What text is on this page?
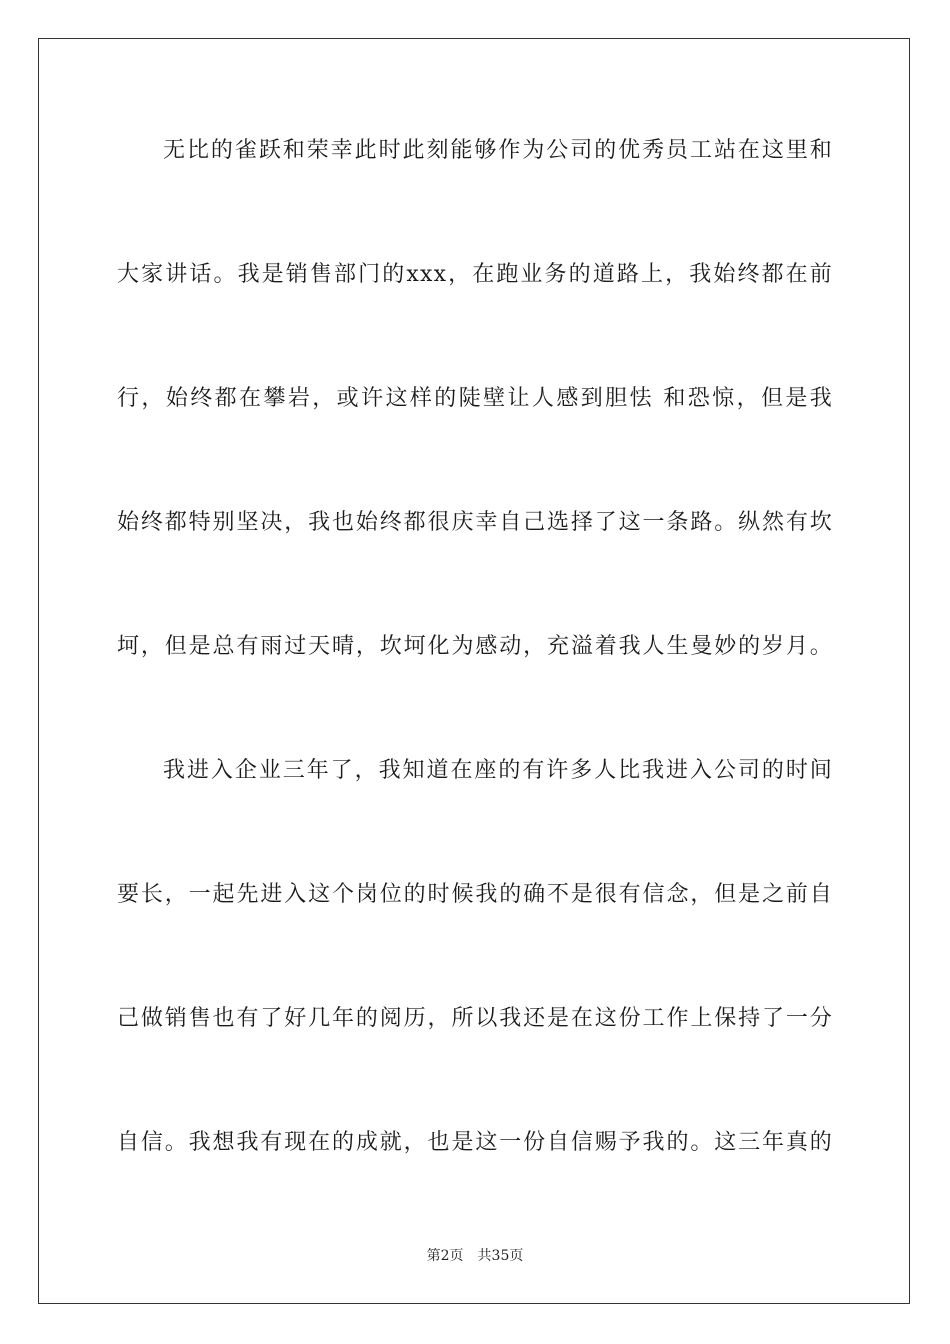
无比的雀跃和荣幸此时此刻能够作为公司的优秀员工站在这里和
大家讲话。我是销售部门的xxx，在跑业务的道路上，我始终都在前
行，始终都在攀岩，或许这样的陡壁让人感到胆怯 和恐惊，但是我
始终都特别坚决，我也始终都很庆幸自己选择了这一条路。纵然有坎
坷，但是总有雨过天晴，坎坷化为感动，充溢着我人生曼妙的岁月。
我进入企业三年了，我知道在座的有许多人比我进入公司的时间
要长，一起先进入这个岗位的时候我的确不是很有信念，但是之前自
己做销售也有了好几年的阅历，所以我还是在这份工作上保持了一分
自信。我想我有现在的成就，也是这一份自信赐予我的。这三年真的
第2页 共35页
